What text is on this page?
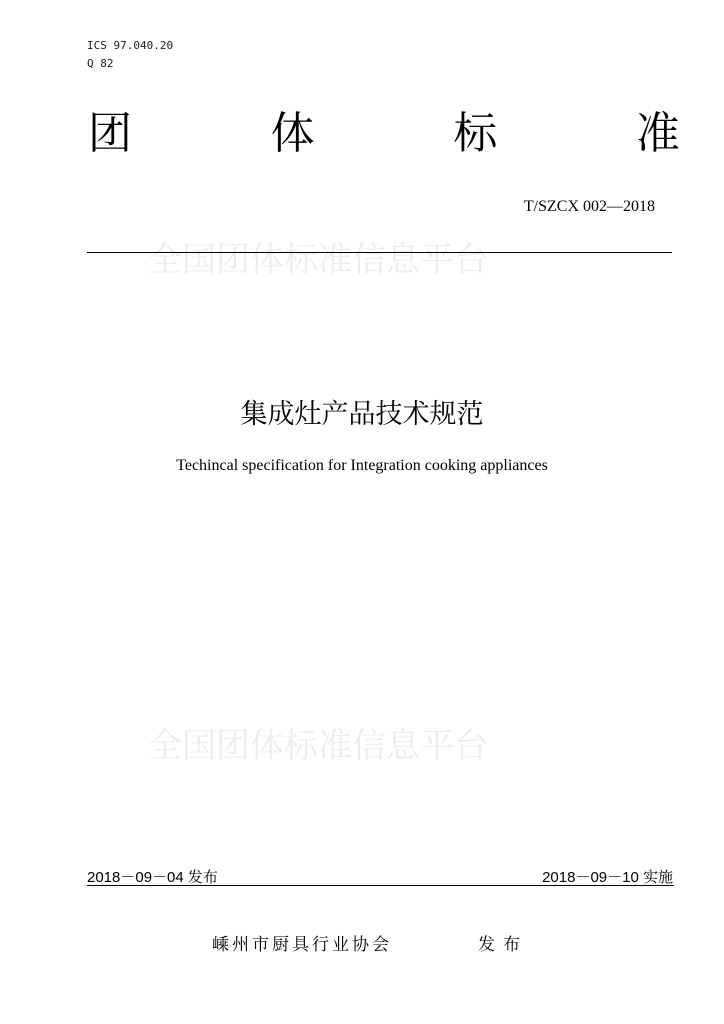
ICS 97.040.20
Q 82
团	体	标	准
T/SZCX 002—2018
全国团体标准信息平台
集成灶产品技术规范
Techincal specification for Integration cooking appliances
全国团体标准信息平台
2018－09－04 发布	2018－09－10 实施
嵊州市厨具行业协会	发布
